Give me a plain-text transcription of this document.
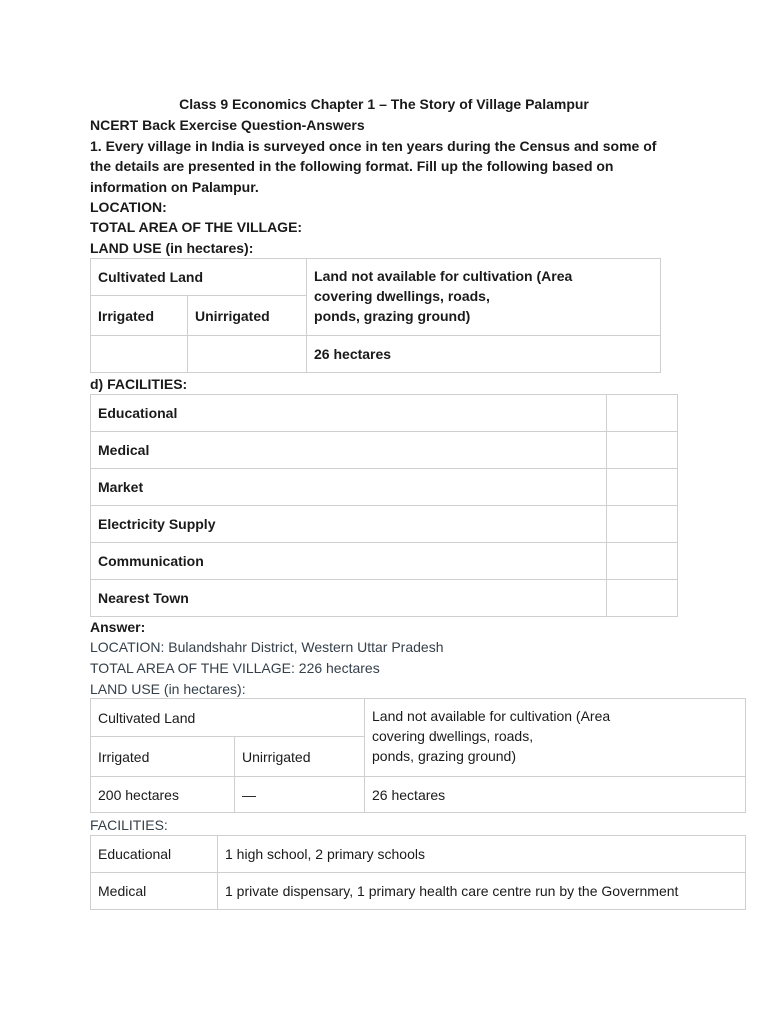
Class 9 Economics Chapter 1 – The Story of Village Palampur
NCERT Back Exercise Question-Answers
1. Every village in India is surveyed once in ten years during the Census and some of
the details are presented in the following format. Fill up the following based on
information on Palampur.
LOCATION:
TOTAL AREA OF THE VILLAGE:
LAND USE (in hectares):
Cultivated Land		Land not available for cultivation (Area
covering dwellings, roads,
ponds, grazing ground)

Irrigated	Unirrigated	
		26 hectares
d) FACILITIES:
Educational	
Medical	
Market	
Electricity Supply	
Communication	
Nearest Town	
Answer:
LOCATION: Bulandshahr District, Western Uttar Pradesh
TOTAL AREA OF THE VILLAGE: 226 hectares
LAND USE (in hectares):
Cultivated Land		Land not available for cultivation (Area
covering dwellings, roads,
ponds, grazing ground)

Irrigated	Unirrigated	
200 hectares	—	26 hectares
FACILITIES:
Educational	1 high school, 2 primary schools
Medical	1 private dispensary, 1 primary health care centre run by the Government
